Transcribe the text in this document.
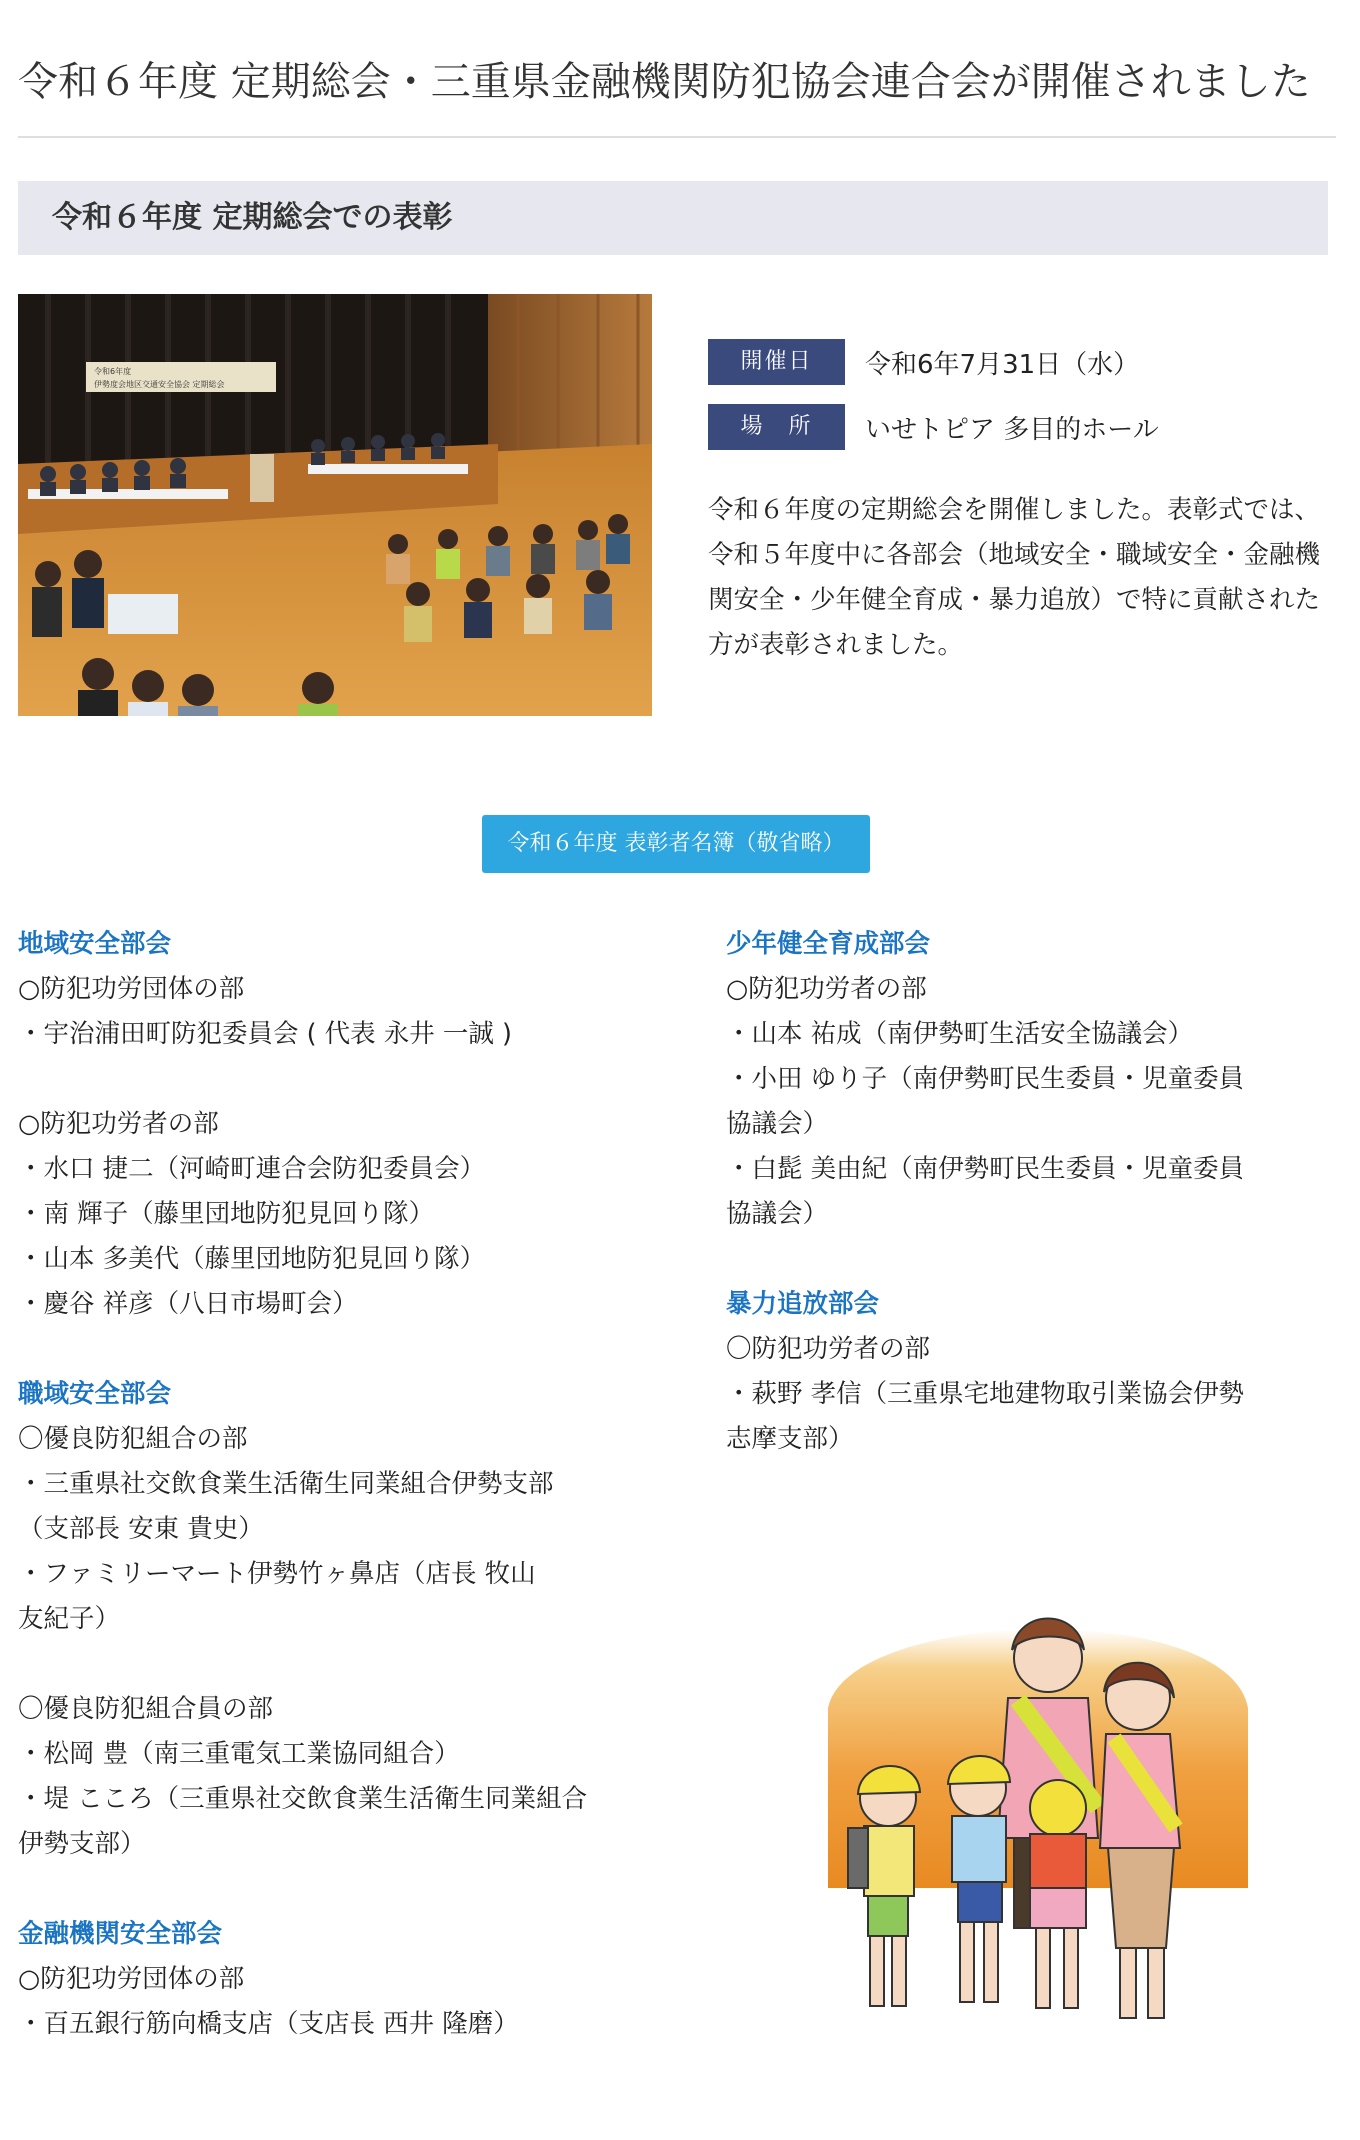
令和６年度 定期総会・三重県金融機関防犯協会連合会が開催されました
令和６年度 定期総会での表彰
令和6年度
伊勢度会地区交通安全協会 定期総会
開催日	令和6年7月31日（水）
場　所	いせトピア 多目的ホール

令和６年度の定期総会を開催しました。表彰式では、令和５年度中に各部会（地域安全・職域安全・金融機関安全・少年健全育成・暴力追放）で特に貢献された方が表彰されました。

令和６年度 表彰者名簿（敬省略）
地域安全部会
○防犯功労団体の部
・宇治浦田町防犯委員会 ( 代表 永井 一誠 )
○防犯功労者の部
・水口 捷二（河崎町連合会防犯委員会）
・南 輝子（藤里団地防犯見回り隊）
・山本 多美代（藤里団地防犯見回り隊）
・慶谷 祥彦（八日市場町会）
職域安全部会
〇優良防犯組合の部
・三重県社交飲食業生活衛生同業組合伊勢支部
（支部長 安東 貴史）
・ファミリーマート伊勢竹ヶ鼻店（店長 牧山
友紀子）
〇優良防犯組合員の部
・松岡 豊（南三重電気工業協同組合）
・堤 こころ（三重県社交飲食業生活衛生同業組合
伊勢支部）
金融機関安全部会
○防犯功労団体の部
・百五銀行筋向橋支店（支店長 西井 隆磨）
少年健全育成部会
○防犯功労者の部
・山本 祐成（南伊勢町生活安全協議会）
・小田 ゆり子（南伊勢町民生委員・児童委員
協議会）
・白髭 美由紀（南伊勢町民生委員・児童委員
協議会）
暴力追放部会
〇防犯功労者の部
・萩野 孝信（三重県宅地建物取引業協会伊勢
志摩支部）
